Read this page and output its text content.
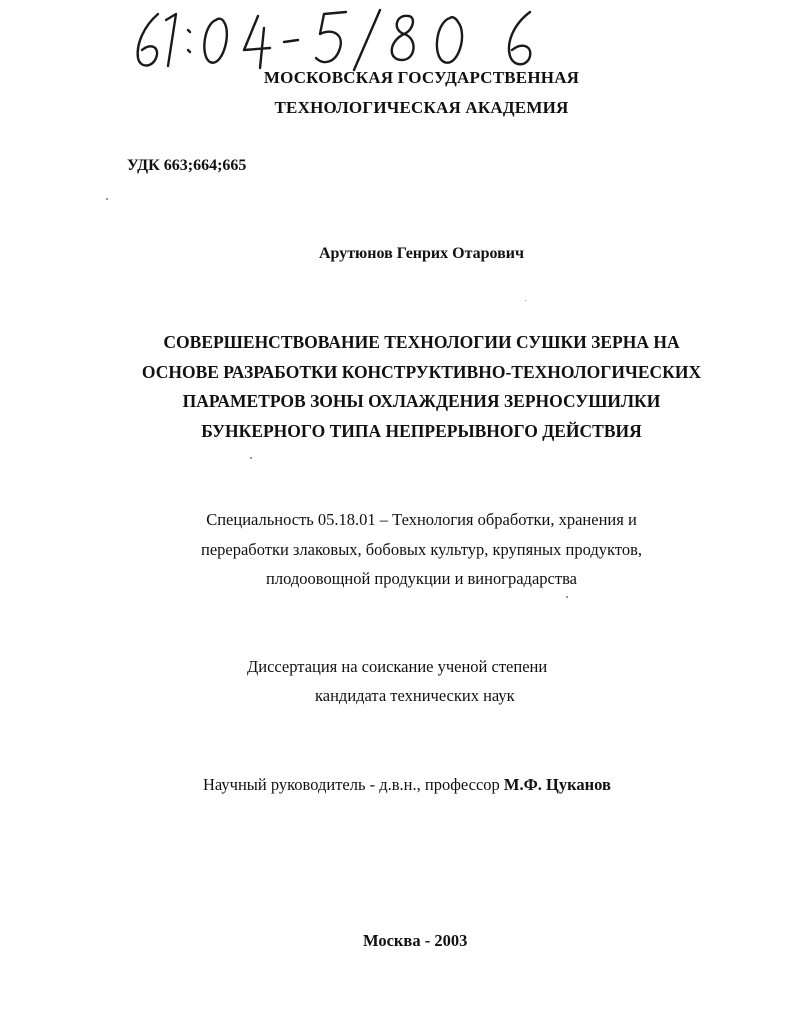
МОСКОВСКАЯ ГОСУДАРСТВЕННАЯ
ТЕХНОЛОГИЧЕСКАЯ АКАДЕМИЯ
УДК 663;664;665
Арутюнов Генрих Отарович
СОВЕРШЕНСТВОВАНИЕ ТЕХНОЛОГИИ СУШКИ ЗЕРНА НА
ОСНОВЕ РАЗРАБОТКИ КОНСТРУКТИВНО-ТЕХНОЛОГИЧЕСКИХ
ПАРАМЕТРОВ ЗОНЫ ОХЛАЖДЕНИЯ ЗЕРНОСУШИЛКИ
БУНКЕРНОГО ТИПА НЕПРЕРЫВНОГО ДЕЙСТВИЯ
Специальность 05.18.01 – Технология обработки, хранения и
переработки злаковых, бобовых культур, крупяных продуктов,
плодоовощной продукции и виноградарства
Диссертация на соискание ученой степени
кандидата технических наук
Научный руководитель - д.в.н., профессор М.Ф. Цуканов
Москва - 2003
